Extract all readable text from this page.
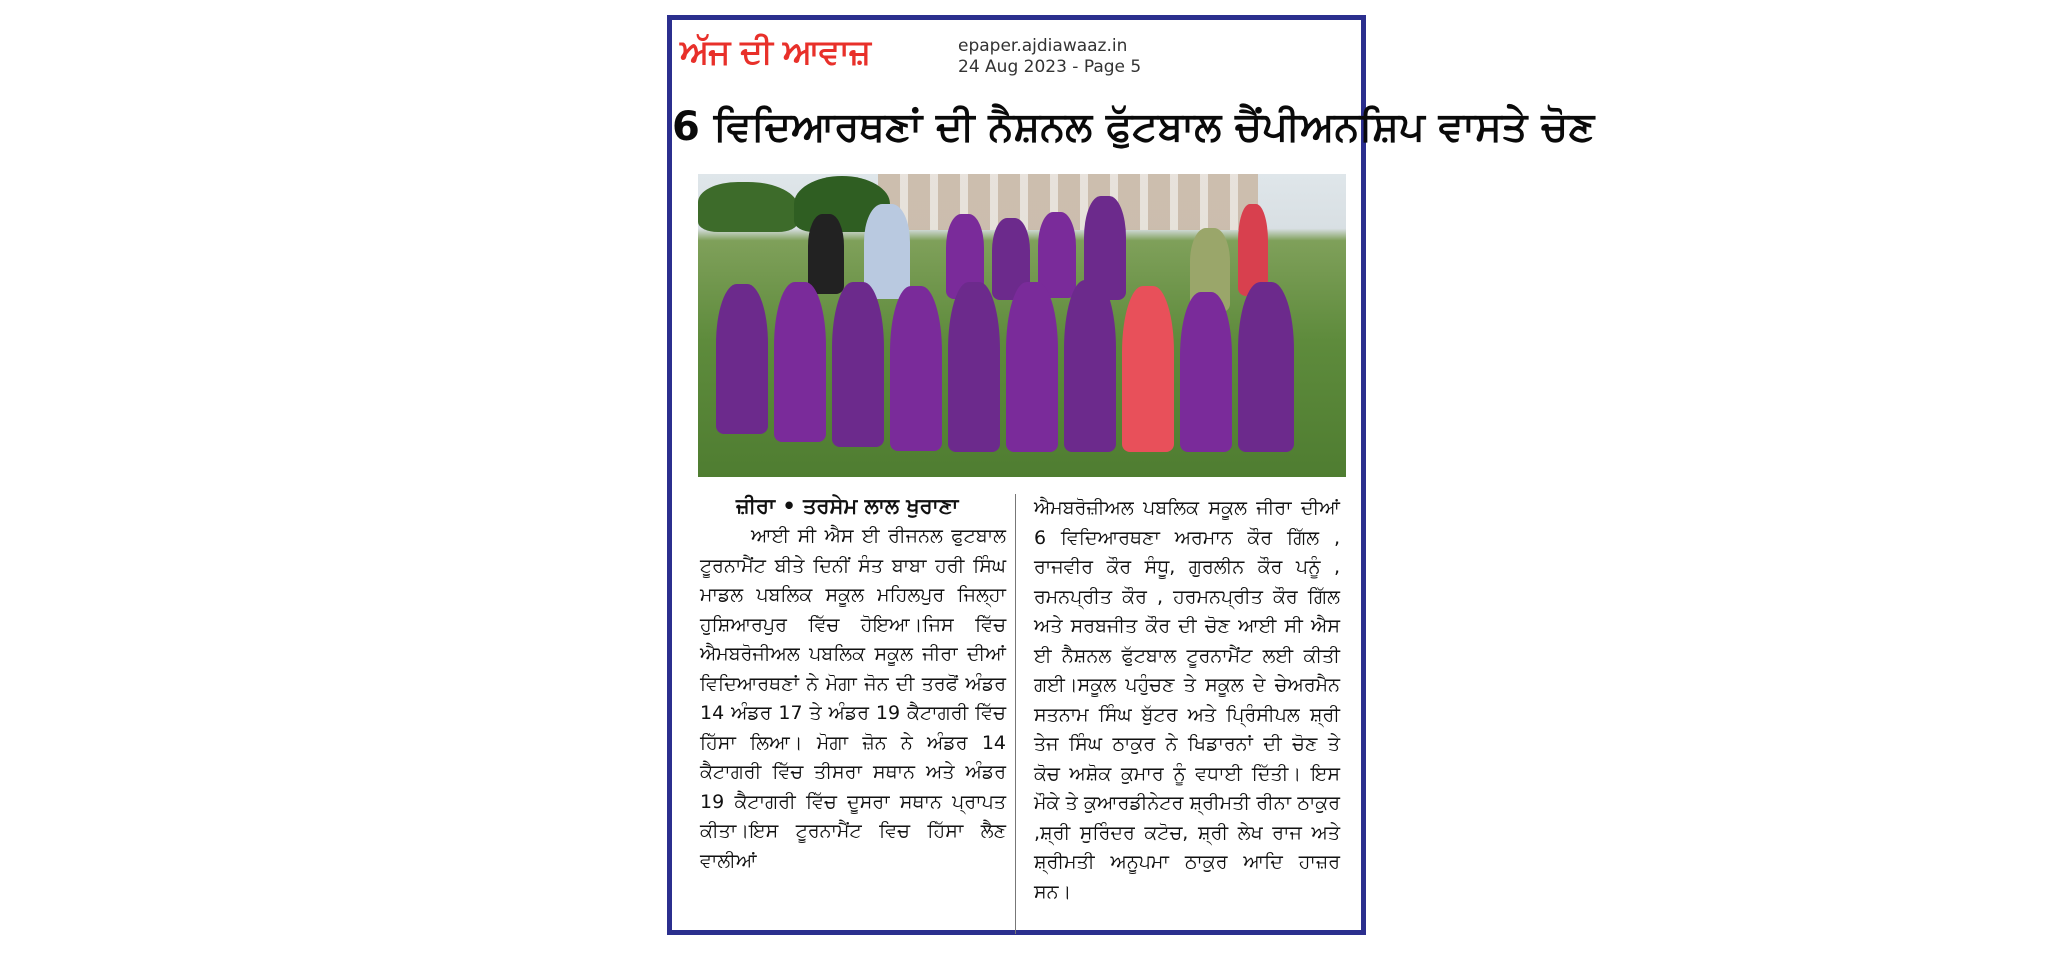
ਅੱਜ ਦੀ ਆਵਾਜ਼	epaper.ajdiawaaz.in
24 Aug 2023 - Page 5
6 ਵਿਦਿਆਰਥਣਾਂ ਦੀ ਨੈਸ਼ਨਲ ਫੁੱਟਬਾਲ ਚੈਂਪੀਅਨਸ਼ਿਪ ਵਾਸਤੇ ਚੋਣ
ਜ਼ੀਰਾ • ਤਰਸੇਮ ਲਾਲ ਖੁਰਾਣਾ
ਆਈ ਸੀ ਐਸ ਈ ਰੀਜਨਲ ਫੁਟਬਾਲ ਟੂਰਨਾਮੈਂਟ ਬੀਤੇ ਦਿਨੀਂ ਸੰਤ ਬਾਬਾ ਹਰੀ ਸਿੰਘ ਮਾਡਲ ਪਬਲਿਕ ਸਕੂਲ ਮਹਿਲਪੁਰ ਜਿਲ੍ਹਾ ਹੁਸ਼ਿਆਰਪੁਰ ਵਿੱਚ ਹੋਇਆ।ਜਿਸ ਵਿੱਚ ਐਮਬਰੋਜੀਅਲ ਪਬਲਿਕ ਸਕੂਲ ਜੀਰਾ ਦੀਆਂ ਵਿਦਿਆਰਥਣਾਂ ਨੇ ਮੋਗਾ ਜੋਨ ਦੀ ਤਰਫੋਂ ਅੰਡਰ 14 ਅੰਡਰ 17 ਤੇ ਅੰਡਰ 19 ਕੈਟਾਗਰੀ ਵਿੱਚ ਹਿੱਸਾ ਲਿਆ। ਮੋਗਾ ਜ਼ੋਨ ਨੇ ਅੰਡਰ 14 ਕੈਟਾਗਰੀ ਵਿੱਚ ਤੀਸਰਾ ਸਥਾਨ ਅਤੇ ਅੰਡਰ 19 ਕੈਟਾਗਰੀ ਵਿੱਚ ਦੂਸਰਾ ਸਥਾਨ ਪ੍ਰਾਪਤ ਕੀਤਾ।ਇਸ ਟੂਰਨਾਮੈਂਟ ਵਿਚ ਹਿੱਸਾ ਲੈਣ ਵਾਲੀਆਂ
ਐਮਬਰੋਜ਼ੀਅਲ ਪਬਲਿਕ ਸਕੂਲ ਜੀਰਾ ਦੀਆਂ 6 ਵਿਦਿਆਰਥਣਾ ਅਰਮਾਨ ਕੌਰ ਗਿੱਲ , ਰਾਜਵੀਰ ਕੌਰ ਸੰਧੂ, ਗੁਰਲੀਨ ਕੌਰ ਪਨੂੰ , ਰਮਨਪ੍ਰੀਤ ਕੌਰ , ਹਰਮਨਪ੍ਰੀਤ ਕੌਰ ਗਿੱਲ ਅਤੇ ਸਰਬਜੀਤ ਕੌਰ ਦੀ ਚੋਣ ਆਈ ਸੀ ਐਸ ਈ ਨੈਸ਼ਨਲ ਫੁੱਟਬਾਲ ਟੂਰਨਾਮੈਂਟ ਲਈ ਕੀਤੀ ਗਈ।ਸਕੂਲ ਪਹੁੰਚਣ ਤੇ ਸਕੂਲ ਦੇ ਚੇਅਰਮੈਨ ਸਤਨਾਮ ਸਿੰਘ ਬੁੱਟਰ ਅਤੇ ਪ੍ਰਿੰਸੀਪਲ ਸ਼੍ਰੀ ਤੇਜ ਸਿੰਘ ਠਾਕੁਰ ਨੇ ਖਿਡਾਰਨਾਂ ਦੀ ਚੋਣ ਤੇ ਕੋਚ ਅਸ਼ੋਕ ਕੁਮਾਰ ਨੂੰ ਵਧਾਈ ਦਿੱਤੀ। ਇਸ ਮੌਕੇ ਤੇ ਕੁਆਰਡੀਨੇਟਰ ਸ਼੍ਰੀਮਤੀ ਰੀਨਾ ਠਾਕੁਰ ,ਸ਼੍ਰੀ ਸੁਰਿੰਦਰ ਕਟੋਚ, ਸ਼੍ਰੀ ਲੇਖ ਰਾਜ ਅਤੇ ਸ਼੍ਰੀਮਤੀ ਅਨੂਪਮਾ ਠਾਕੁਰ ਆਦਿ ਹਾਜ਼ਰ ਸਨ।
